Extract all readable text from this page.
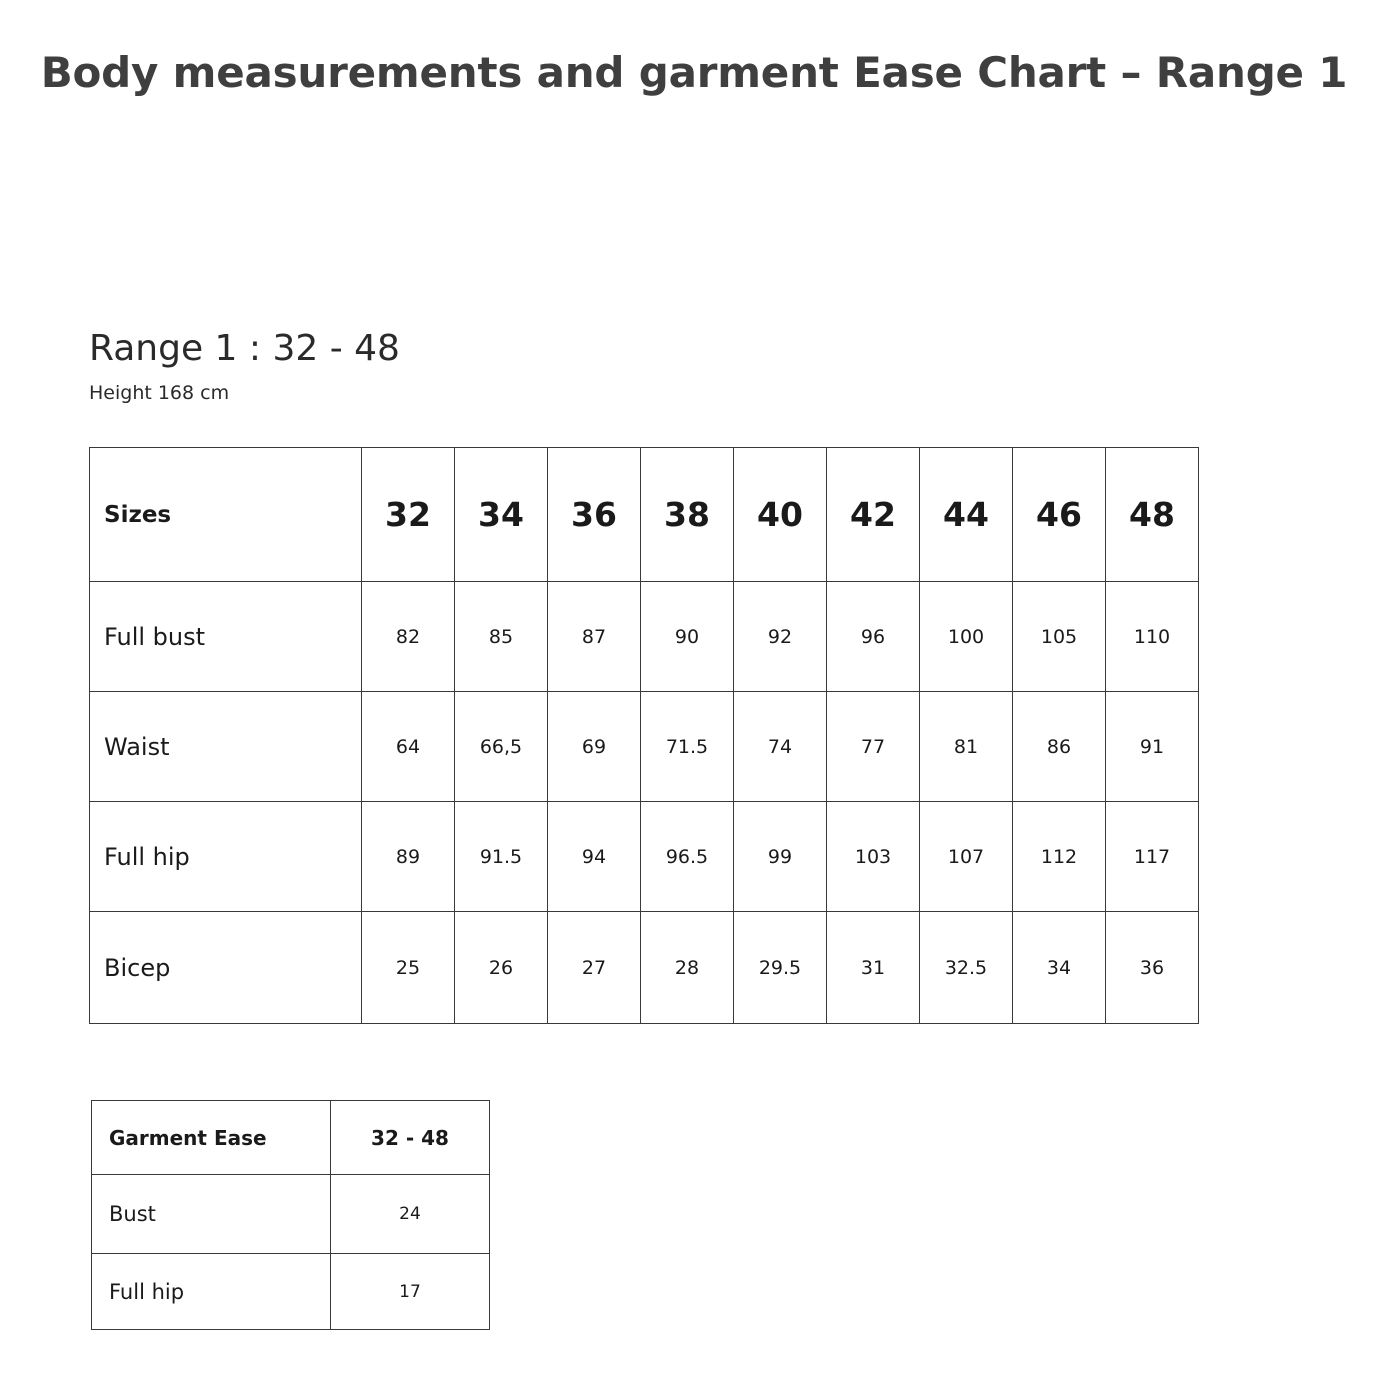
Body measurements and garment Ease Chart – Range 1
Range 1 : 32 - 48

Height 168 cm

Sizes	32	34	36	38	40	42	44	46	48
Full bust	82	85	87	90	92	96	100	105	110
Waist	64	66,5	69	71.5	74	77	81	86	91
Full hip	89	91.5	94	96.5	99	103	107	112	117
Bicep	25	26	27	28	29.5	31	32.5	34	36
Garment Ease	32 - 48
Bust	24
Full hip	17
